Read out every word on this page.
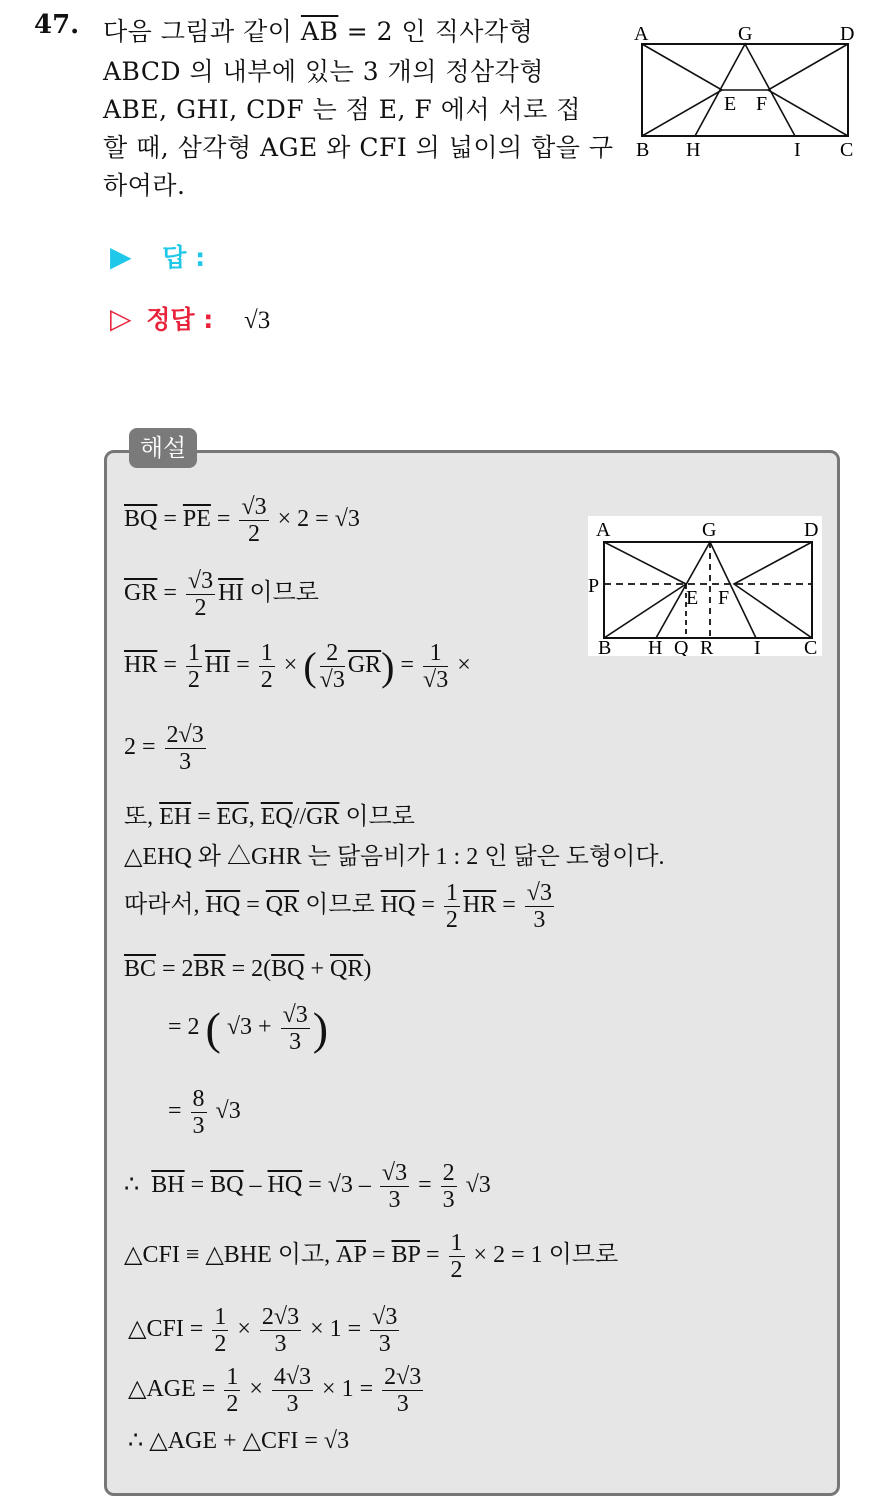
47. 다음 그림과 같이 $\overline{AB} = 2$ 인 직사각형
ABCD 의 내부에 있는 3 개의 정삼각형
ABE, GHI, CDF 는 점 E, F 에서 서로 접
할 때, 삼각형 AGE 와 CFI 의 넓이의 합을 구
하여라.
A	G	D
E F
B H	I C
▶ 답 :
▷ 정답 : √3
해설
A	G	D
P
E F
B H Q R I C
$\overline{BQ} = \overline{PE} = \frac{√3}{2} \times 2 = √3$
$\overline{GR} = \frac{√3}{2} \overline{HI}$ 이므로
$\overline{HR} = \frac{1}{2} \overline{HI} = \frac{1}{2}$ × ( $\frac{2}{√3} \overline{GR}) = \frac{1}{√3}$ ×
$2 = \frac{2√3}{3}$
또, $\overline{EH} = \overline{EG}$, $\overline{EQ}//\overline{GR}$ 이므로
△EHQ 와 △GHR 는 닮음비가 1 : 2 인 닮은 도형이다.
따라서, $\overline{HQ} = \overline{QR}$ 이므로 $\overline{HQ} = \frac{1}{2} \overline{HR} = \frac{√3}{3}$
$\overline{BC} = 2\overline{BR} = 2(\overline{BQ} + \overline{QR})$
= 2 ( $√3 + \frac{√3}{3}$ )
= $\frac{8}{3} √3$
∴  $\overline{BH} = \overline{BQ} - \overline{HQ} = √3 - \frac{√3}{3} = \frac{2}{3} √3$
△CFI ≡ △BHE 이고, $\overline{AP} = \overline{BP} = \frac{1}{2} \times 2 = 1$ 이므로
△CFI = $\frac{1}{2} \times \frac{2√3}{3} \times 1 = \frac{√3}{3}$
△AGE = $\frac{1}{2} \times \frac{4√3}{3} \times 1 = \frac{2√3}{3}$
∴ △AGE + △CFI = √3
